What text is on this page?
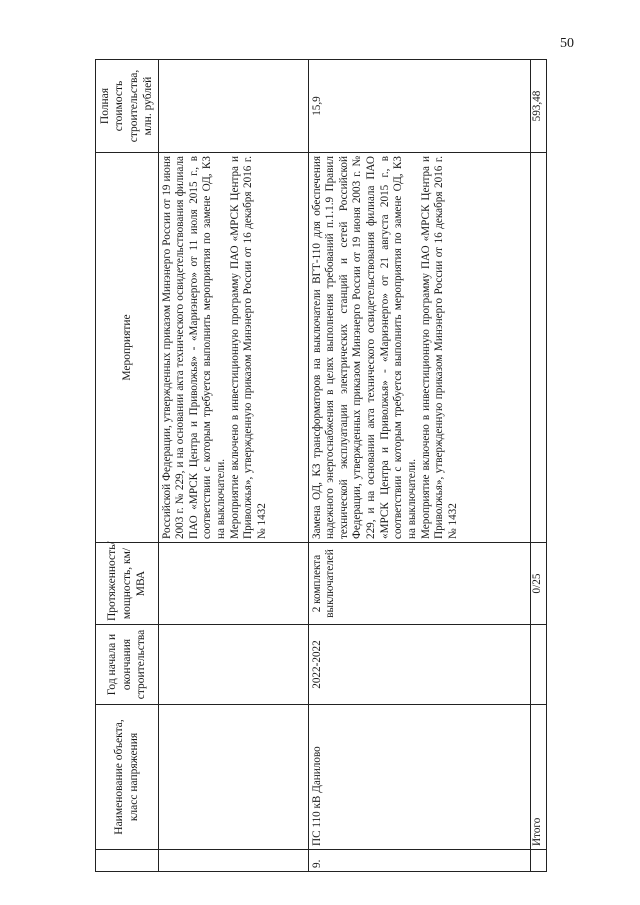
50
	Наименование объекта, класс напряжения	Год начала и окончания строительства	Протяженность/ мощность, км/МВА	Мероприятие	Полная стоимость строительства, млн. рублей

				Российской Федерации, утвержденных приказом Минэнерго России от 19 июня 2003 г. № 229, и на основании акта технического освидетельствования филиала ПАО «МРСК Центра и Приволжья» - «Мариэнерго» от 11 июля 2015 г., в соответствии с которым требуется выполнить мероприятия по замене ОД, КЗ на выключатели. Мероприятие включено в инвестиционную программу ПАО «МРСК Центра и Приволжья», утвержденную приказом Минэнерго России от 16 декабря 2016 г. № 1432	

9.	ПС 110 кВ Данилово	2022-2022	2 комплекта выключателей	Замена ОД, КЗ трансформаторов на выключатели ВГТ-110 для обеспечения надежного энергоснабжения в целях выполнения требований п.1.1.9 Правил технической эксплуатации электрических станций и сетей Российской Федерации, утвержденных приказом Минэнерго России от 19 июня 2003 г. № 229, и на основании акта технического освидетельствования филиала ПАО «МРСК Центра и Приволжья» - «Мариэнерго» от 21 августа 2015 г., в соответствии с которым требуется выполнить мероприятия по замене ОД, КЗ на выключатели. Мероприятие включено в инвестиционную программу ПАО «МРСК Центра и Приволжья», утвержденную приказом Минэнерго России от 16 декабря 2016 г. № 1432	15,9
	Итого		0/25		593,48
